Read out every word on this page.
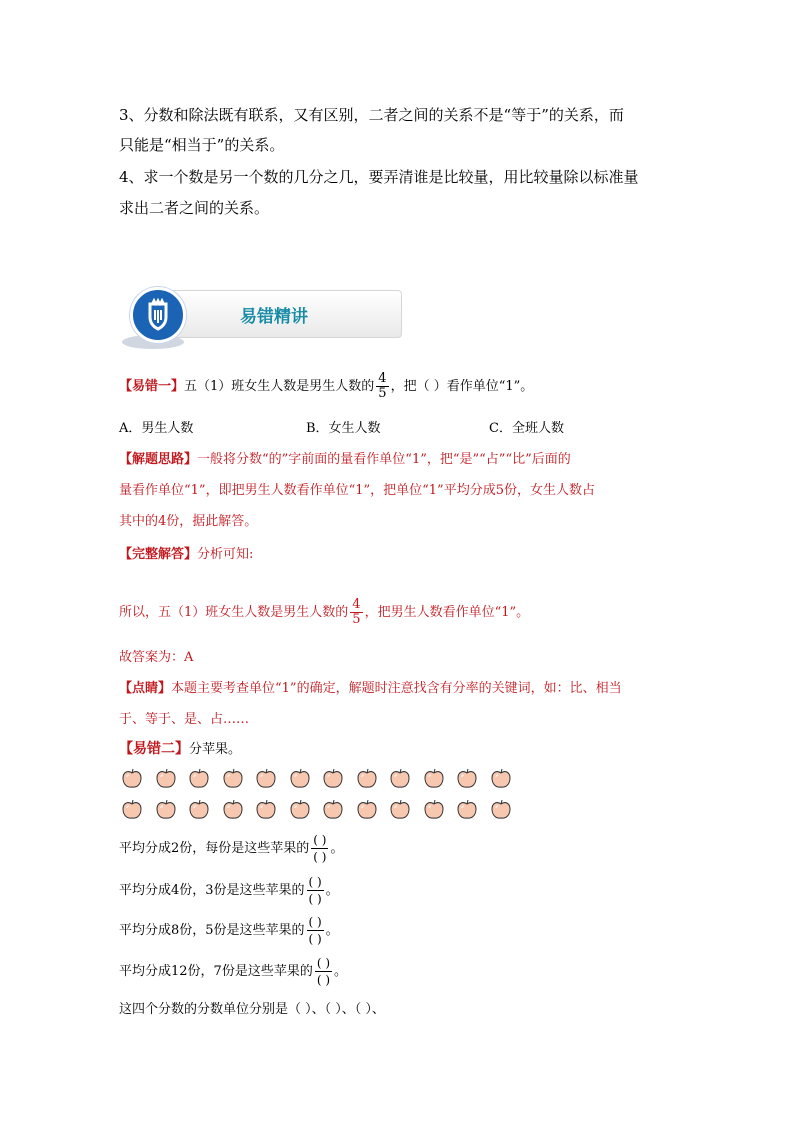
3、分数和除法既有联系，又有区别，二者之间的关系不是“等于”的关系，而
只能是“相当于”的关系。
4、求一个数是另一个数的几分之几，要弄清谁是比较量，用比较量除以标准量
求出二者之间的关系。
易错精讲
【易错一】五（1）班女生人数是男生人数的 $\frac{4}{5}$ ，把（ ）看作单位“1”。
A．男生人数	B．女生人数	C．全班人数
【解题思路】一般将分数“的”字前面的量看作单位“1”，把“是”“占”“比”后面的
量看作单位“1”，即把男生人数看作单位“1”，把单位“1”平均分成5份，女生人数占
其中的4份，据此解答。
【完整解答】分析可知:
所以，五（1）班女生人数是男生人数的 $\frac{4}{5}$ ，把男生人数看作单位“1”。
故答案为：A
【点睛】本题主要考查单位“1”的确定，解题时注意找含有分率的关键词，如：比、相当
于、等于、是、占……
【易错二】分苹果。
平均分成2份，每份是这些苹果的 $\frac{( )}{( )}$ 。
平均分成4份，3份是这些苹果的 $\frac{( )}{( )}$ 。
平均分成8份，5份是这些苹果的 $\frac{( )}{( )}$ 。
平均分成12份，7份是这些苹果的 $\frac{( )}{( )}$ 。
这四个分数的分数单位分别是（ ）、（ ）、（ ）、
